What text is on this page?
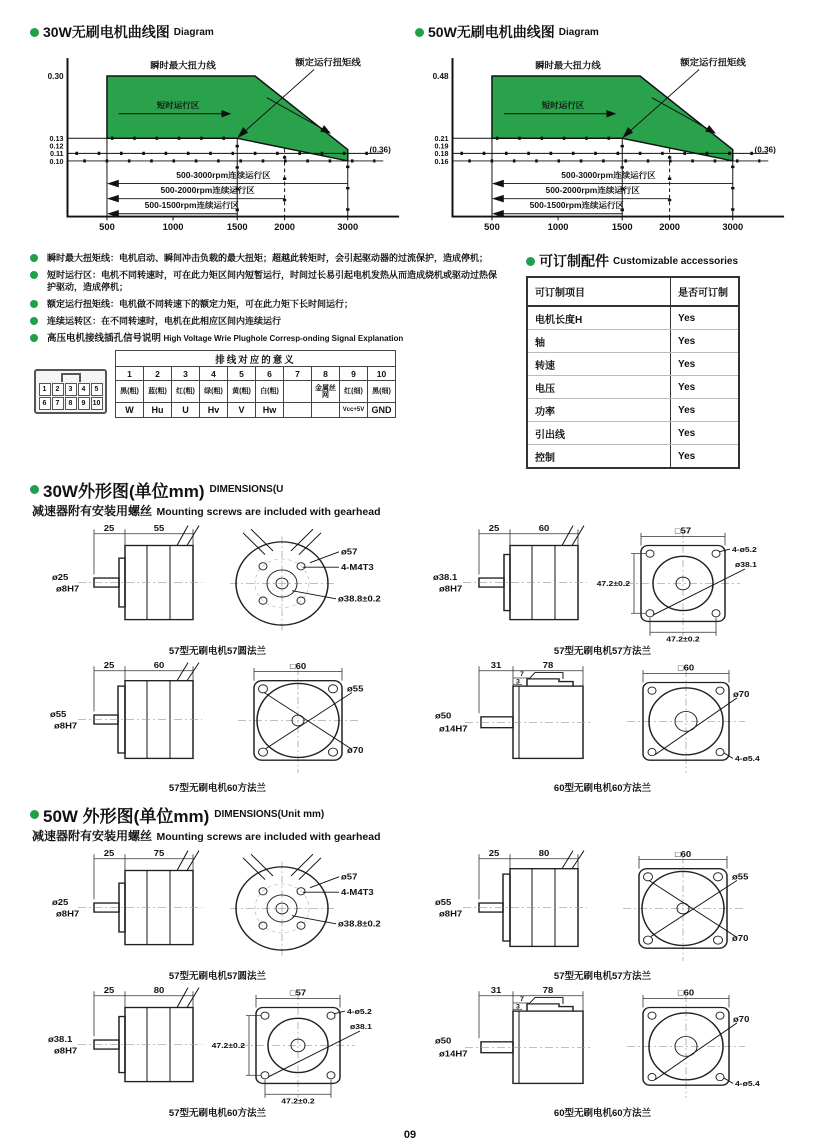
30W无刷电机曲线图 Diagram
0.30
0.13
0.12
0.11
0.10
瞬时最大扭力线	额定运行扭矩线
短时运行区
(0.36)
500-3000rpm连续运行区
500-2000rpm连续运行区
500-1500rpm连续运行区
500	1000	1500	2000	3000
50W无刷电机曲线图 Diagram
0.48
0.21
0.19
0.18
0.16
瞬时最大扭力线	额定运行扭矩线
短时运行区
(0.36)
500-3000rpm连续运行区
500-2000rpm连续运行区
500-1500rpm连续运行区
500	1000	1500	2000	3000
瞬时最大扭矩线：电机启动、瞬间冲击负载的最大扭矩；超越此转矩时，会引起驱动器的过流保护，造成停机；
短时运行区：电机不同转速时，可在此力矩区间内短暂运行，时间过长易引起电机发热从而造成烧机或驱动过热保护驱动，造成停机；
额定运行扭矩线：电机做不同转速下的额定力矩，可在此力矩下长时间运行；
连续运转区：在不同转速时，电机在此相应区间内连续运行
高压电机接线插孔信号说明 High Voltage Wrie Plughole Corresp-onding Signal Explanation
1	2	3	4	5
6	7	8	9	10
排线对应的意义									
1	2	3	4	5	6	7	8	9	10
黑(粗)	蓝(粗)	红(粗)	绿(粗)	黄(粗)	白(粗)		金属丝网	红(细)	黑(细)
W	Hu	U	Hv	V	Hw			Vcc+5V	GND
可订制配件 Customizable accessories
可订制项目	是否可订制
电机长度H	Yes
轴	Yes
转速	Yes
电压	Yes
功率	Yes
引出线	Yes
控制	Yes
30W外形图(单位mm) DIMENSIONS(U
减速器附有安装用螺丝 Mounting screws are included with gearhead
25	55
ø25
ø8H7
ø57
4-M4T3
ø38.8±0.2
57型无刷电机57圆法兰
25	60
ø38.1
ø8H7
□57
4-ø5.2
ø38.1
47.2±0.2
47.2±0.2
57型无刷电机57方法兰
25	60
ø55
ø8H7
□60
ø55
ø70
57型无刷电机60方法兰
31	78
7
3
ø50
ø14H7
□60
ø70
4-ø5.4
60型无刷电机60方法兰
50W 外形图(单位mm) DIMENSIONS(Unit mm)
减速器附有安装用螺丝 Mounting screws are included with gearhead
25	75
ø25
ø8H7
ø57
4-M4T3
ø38.8±0.2
57型无刷电机57圆法兰
25	80
ø55
ø8H7
□60
ø55
ø70
57型无刷电机57方法兰
25	80
ø38.1
ø8H7
□57
4-ø5.2
ø38.1
47.2±0.2
47.2±0.2
57型无刷电机60方法兰
31	78
7
3
ø50
ø14H7
□60
ø70
4-ø5.4
60型无刷电机60方法兰
09
